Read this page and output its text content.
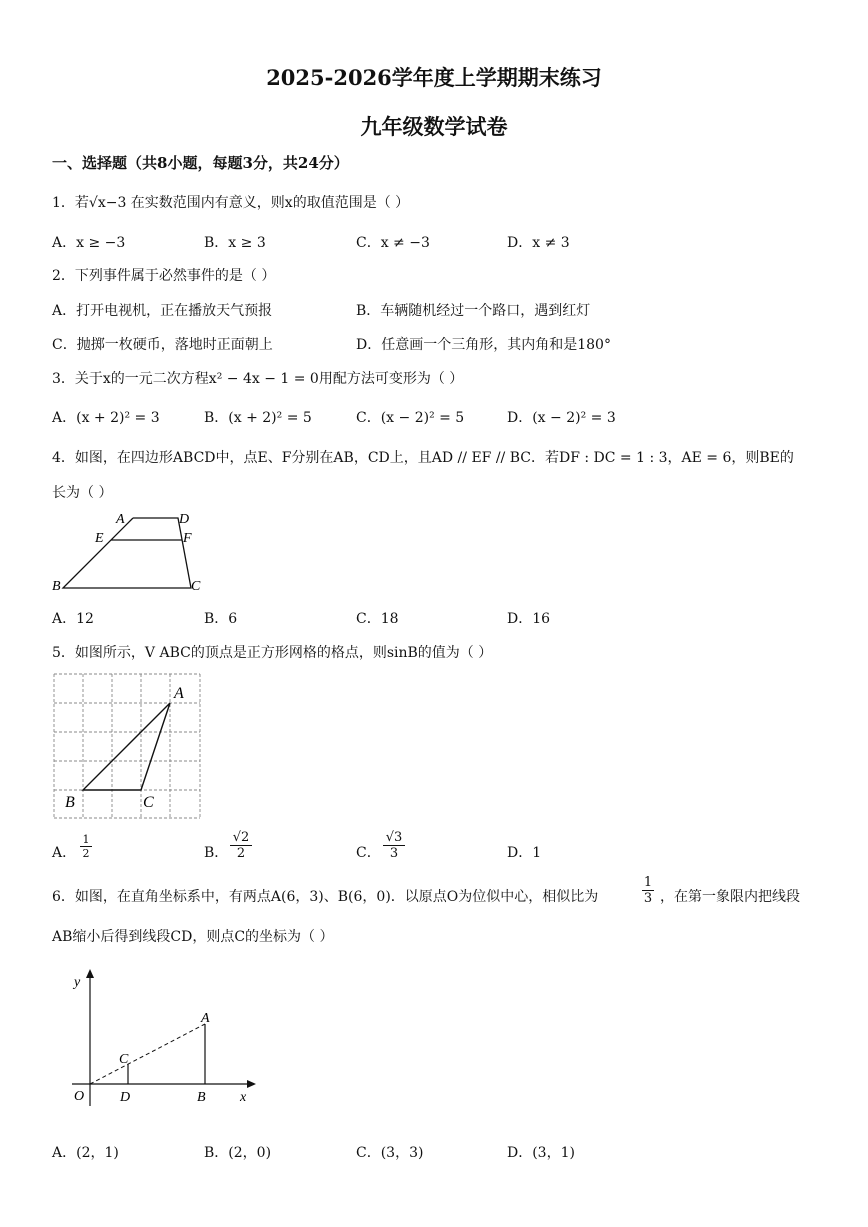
2025-2026学年度上学期期末练习
九年级数学试卷
一、选择题（共8小题，每题3分，共24分）
1．若√x−3 在实数范围内有意义，则x的取值范围是（ ）
A．x ≥ −3	B．x ≥ 3	C．x ≠ −3	D．x ≠ 3
2．下列事件属于必然事件的是（ ）
A．打开电视机，正在播放天气预报	B．车辆随机经过一个路口，遇到红灯
C．抛掷一枚硬币，落地时正面朝上	D．任意画一个三角形，其内角和是180°
3．关于x的一元二次方程x² − 4x − 1 = 0用配方法可变形为（ ）
A．(x + 2)² = 3	B．(x + 2)² = 5	C．(x − 2)² = 5	D．(x − 2)² = 3
4．如图，在四边形ABCD中，点E、F分别在AB，CD上，且AD // EF // BC．若DF : DC = 1 : 3，AE = 6，则BE的
长为（ ）
A	D
E	F
B	C
A．12	B．6	C．18	D．16
5．如图所示，V ABC的顶点是正方形网格的格点，则sinB的值为（ ）
A
B	C
A．
1
2	B．
√2
2	C．
√3
3	D．1
6．如图，在直角坐标系中，有两点A(6，3)、B(6，0)．以原点O为位似中心，相似比为
1
3 ，在第一象限内把线段
AB缩小后得到线段CD，则点C的坐标为（ ）
y
A
C
O	D	B x
A．(2，1)	B．(2，0)	C．(3，3)	D．(3，1)
